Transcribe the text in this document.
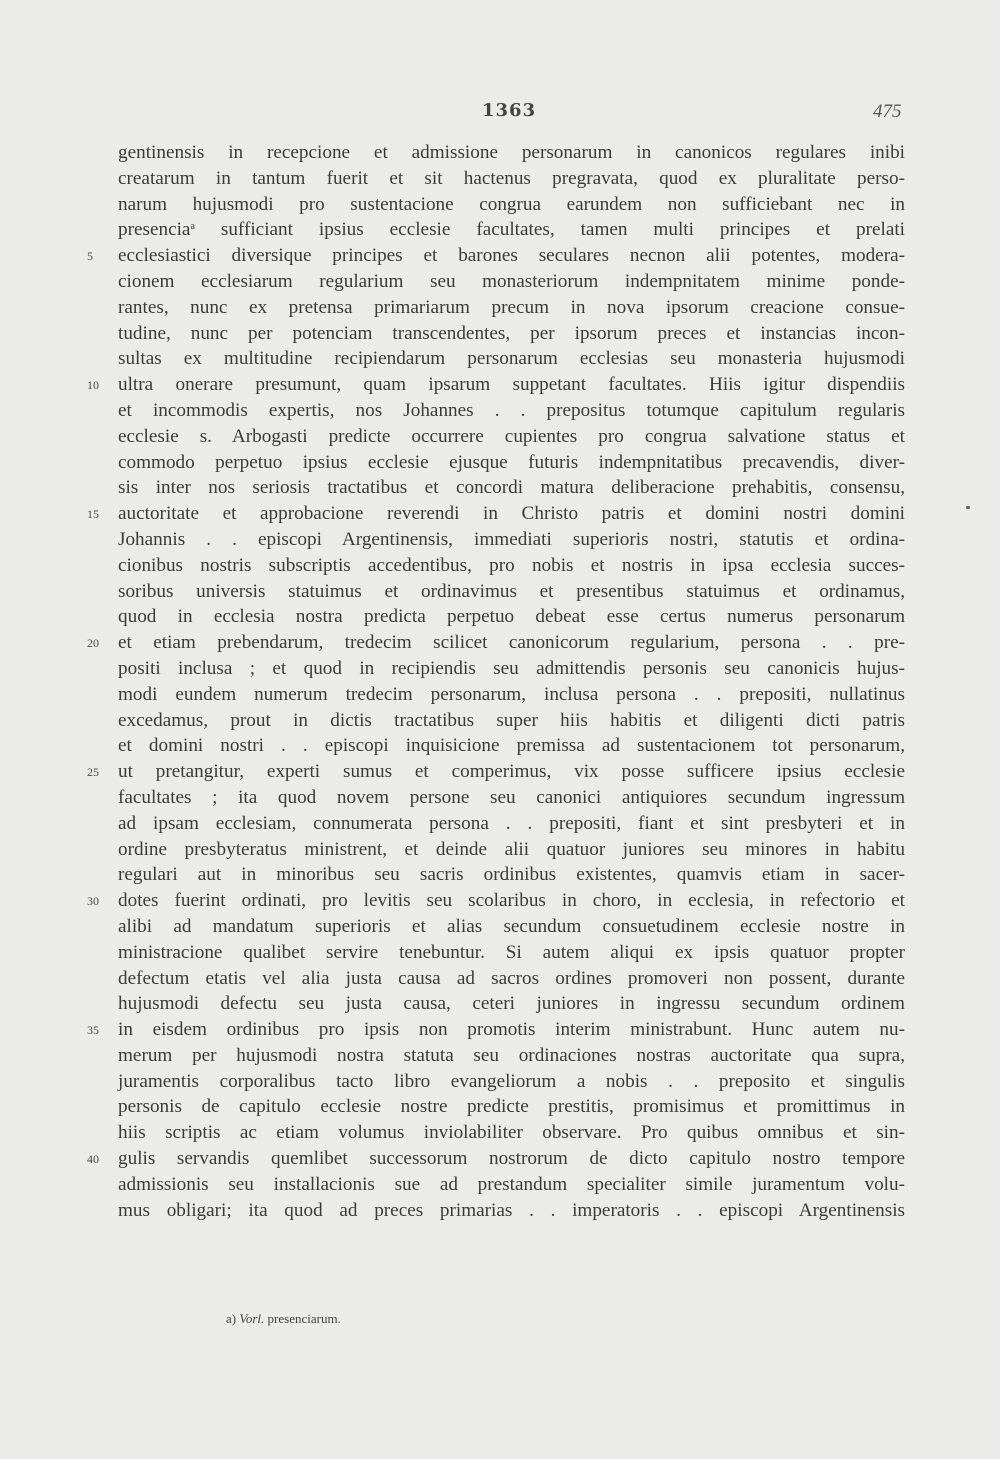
1363	475
gentinensis in recepcione et admissione personarum in canonicos regulares inibi
creatarum in tantum fuerit et sit hactenus pregravata, quod ex pluralitate perso-
narum hujusmodi pro sustentacione congrua earundem non sufficiebant nec in
presencia$^a$ sufficiant ipsius ecclesie facultates, tamen multi principes et prelati
5 ecclesiastici diversique principes et barones seculares necnon alii potentes, modera-
cionem ecclesiarum regularium seu monasteriorum indempnitatem minime ponde-
rantes, nunc ex pretensa primariarum precum in nova ipsorum creacione consue-
tudine, nunc per potenciam transcendentes, per ipsorum preces et instancias incon-
sultas ex multitudine recipiendarum personarum ecclesias seu monasteria hujusmodi
10 ultra onerare presumunt, quam ipsarum suppetant facultates. Hiis igitur dispendiis
et incommodis expertis, nos Johannes . . prepositus totumque capitulum regularis
ecclesie s. Arbogasti predicte occurrere cupientes pro congrua salvatione status et
commodo perpetuo ipsius ecclesie ejusque futuris indempnitatibus precavendis, diver-
sis inter nos seriosis tractatibus et concordi matura deliberacione prehabitis, consensu,
15 auctoritate et approbacione reverendi in Christo patris et domini nostri domini
Johannis . . episcopi Argentinensis, immediati superioris nostri, statutis et ordina-
cionibus nostris subscriptis accedentibus, pro nobis et nostris in ipsa ecclesia succes-
soribus universis statuimus et ordinavimus et presentibus statuimus et ordinamus,
quod in ecclesia nostra predicta perpetuo debeat esse certus numerus personarum
20 et etiam prebendarum, tredecim scilicet canonicorum regularium, persona . . pre-
positi inclusa ; et quod in recipiendis seu admittendis personis seu canonicis hujus-
modi eundem numerum tredecim personarum, inclusa persona . . prepositi, nullatinus
excedamus, prout in dictis tractatibus super hiis habitis et diligenti dicti patris
et domini nostri . . episcopi inquisicione premissa ad sustentacionem tot personarum,
25 ut pretangitur, experti sumus et comperimus, vix posse sufficere ipsius ecclesie
facultates ; ita quod novem persone seu canonici antiquiores secundum ingressum
ad ipsam ecclesiam, connumerata persona . . prepositi, fiant et sint presbyteri et in
ordine presbyteratus ministrent, et deinde alii quatuor juniores seu minores in habitu
regulari aut in minoribus seu sacris ordinibus existentes, quamvis etiam in sacer-
30 dotes fuerint ordinati, pro levitis seu scolaribus in choro, in ecclesia, in refectorio et
alibi ad mandatum superioris et alias secundum consuetudinem ecclesie nostre in
ministracione qualibet servire tenebuntur. Si autem aliqui ex ipsis quatuor propter
defectum etatis vel alia justa causa ad sacros ordines promoveri non possent, durante
hujusmodi defectu seu justa causa, ceteri juniores in ingressu secundum ordinem
35 in eisdem ordinibus pro ipsis non promotis interim ministrabunt. Hunc autem nu-
merum per hujusmodi nostra statuta seu ordinaciones nostras auctoritate qua supra,
juramentis corporalibus tacto libro evangeliorum a nobis . . preposito et singulis
personis de capitulo ecclesie nostre predicte prestitis, promisimus et promittimus in
hiis scriptis ac etiam volumus inviolabiliter observare. Pro quibus omnibus et sin-
40 gulis servandis quemlibet successorum nostrorum de dicto capitulo nostro tempore
admissionis seu installacionis sue ad prestandum specialiter simile juramentum volu-
mus obligari; ita quod ad preces primarias . . imperatoris . . episcopi Argentinensis
a) Vorl. presenciarum.
